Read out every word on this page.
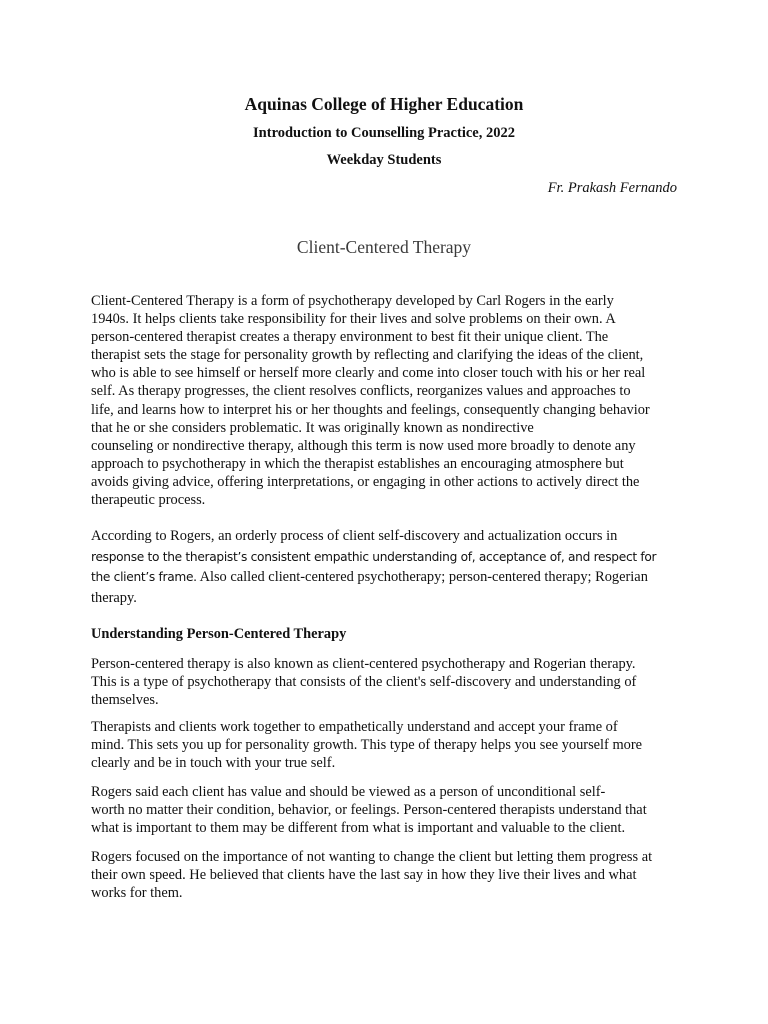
Aquinas College of Higher Education
Introduction to Counselling Practice, 2022
Weekday Students
Fr. Prakash Fernando
Client-Centered Therapy
Client-Centered Therapy is a form of psychotherapy developed by Carl Rogers in the early
1940s. It helps clients take responsibility for their lives and solve problems on their own. A
person-centered therapist creates a therapy environment to best fit their unique client. The
therapist sets the stage for personality growth by reflecting and clarifying the ideas of the client,
who is able to see himself or herself more clearly and come into closer touch with his or her real
self. As therapy progresses, the client resolves conflicts, reorganizes values and approaches to
life, and learns how to interpret his or her thoughts and feelings, consequently changing behavior
that he or she considers problematic. It was originally known as nondirective
counseling or nondirective therapy, although this term is now used more broadly to denote any
approach to psychotherapy in which the therapist establishes an encouraging atmosphere but
avoids giving advice, offering interpretations, or engaging in other actions to actively direct the
therapeutic process.
According to Rogers, an orderly process of client self-discovery and actualization occurs in
response to the therapist’s consistent empathic understanding of, acceptance of, and respect for
the client’s frame. Also called client-centered psychotherapy; person-centered therapy; Rogerian
therapy.
Understanding Person-Centered Therapy
Person-centered therapy is also known as client-centered psychotherapy and Rogerian therapy.
This is a type of psychotherapy that consists of the client's self-discovery and understanding of
themselves.
Therapists and clients work together to empathetically understand and accept your frame of
mind. This sets you up for personality growth. This type of therapy helps you see yourself more
clearly and be in touch with your true self.
Rogers said each client has value and should be viewed as a person of unconditional self-
worth no matter their condition, behavior, or feelings. Person-centered therapists understand that
what is important to them may be different from what is important and valuable to the client.
Rogers focused on the importance of not wanting to change the client but letting them progress at
their own speed. He believed that clients have the last say in how they live their lives and what
works for them.
